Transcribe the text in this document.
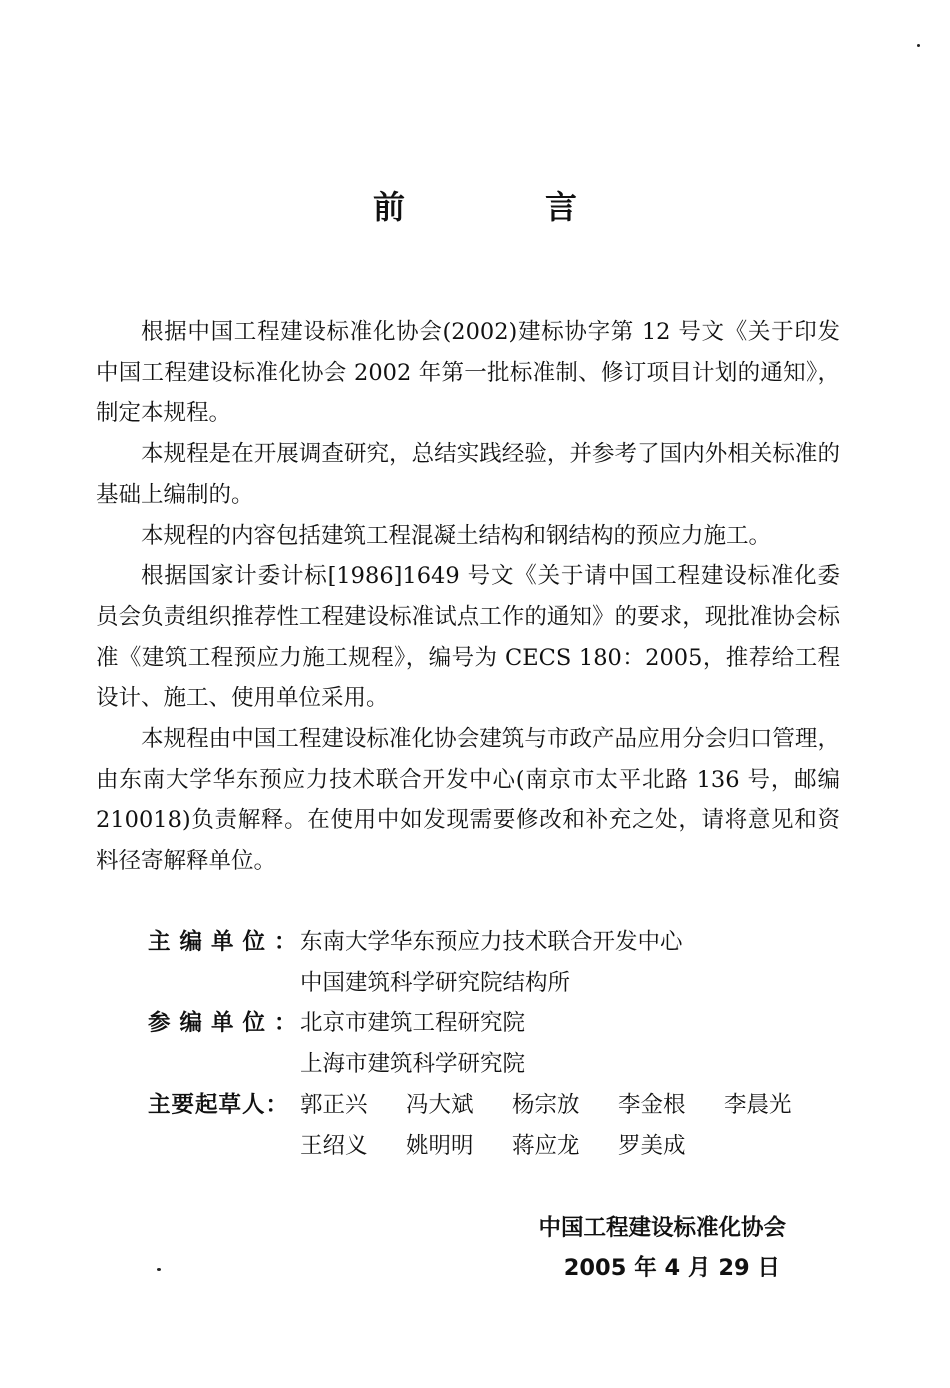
前　言

根据中国工程建设标准化协会(2002)建标协字第 12 号文《关于印发中国工程建设标准化协会 2002 年第一批标准制、修订项目计划的通知》，制定本规程。

本规程是在开展调查研究，总结实践经验，并参考了国内外相关标准的基础上编制的。

本规程的内容包括建筑工程混凝土结构和钢结构的预应力施工。

根据国家计委计标[1986]1649 号文《关于请中国工程建设标准化委员会负责组织推荐性工程建设标准试点工作的通知》的要求，现批准协会标准《建筑工程预应力施工规程》，编号为 CECS 180：2005，推荐给工程设计、施工、使用单位采用。

本规程由中国工程建设标准化协会建筑与市政产品应用分会归口管理，由东南大学华东预应力技术联合开发中心(南京市太平北路 136 号，邮编 210018)负责解释。在使用中如发现需要修改和补充之处，请将意见和资料径寄解释单位。

主编单位：
东南大学华东预应力技术联合开发中心
中国建筑科学研究院结构所
参编单位：
北京市建筑工程研究院
上海市建筑科学研究院
主要起草人： 郭正兴	冯大斌	杨宗放	李金根	李晨光
王绍义	姚明明	蒋应龙	罗美成
中国工程建设标准化协会
2005 年 4 月 29 日
